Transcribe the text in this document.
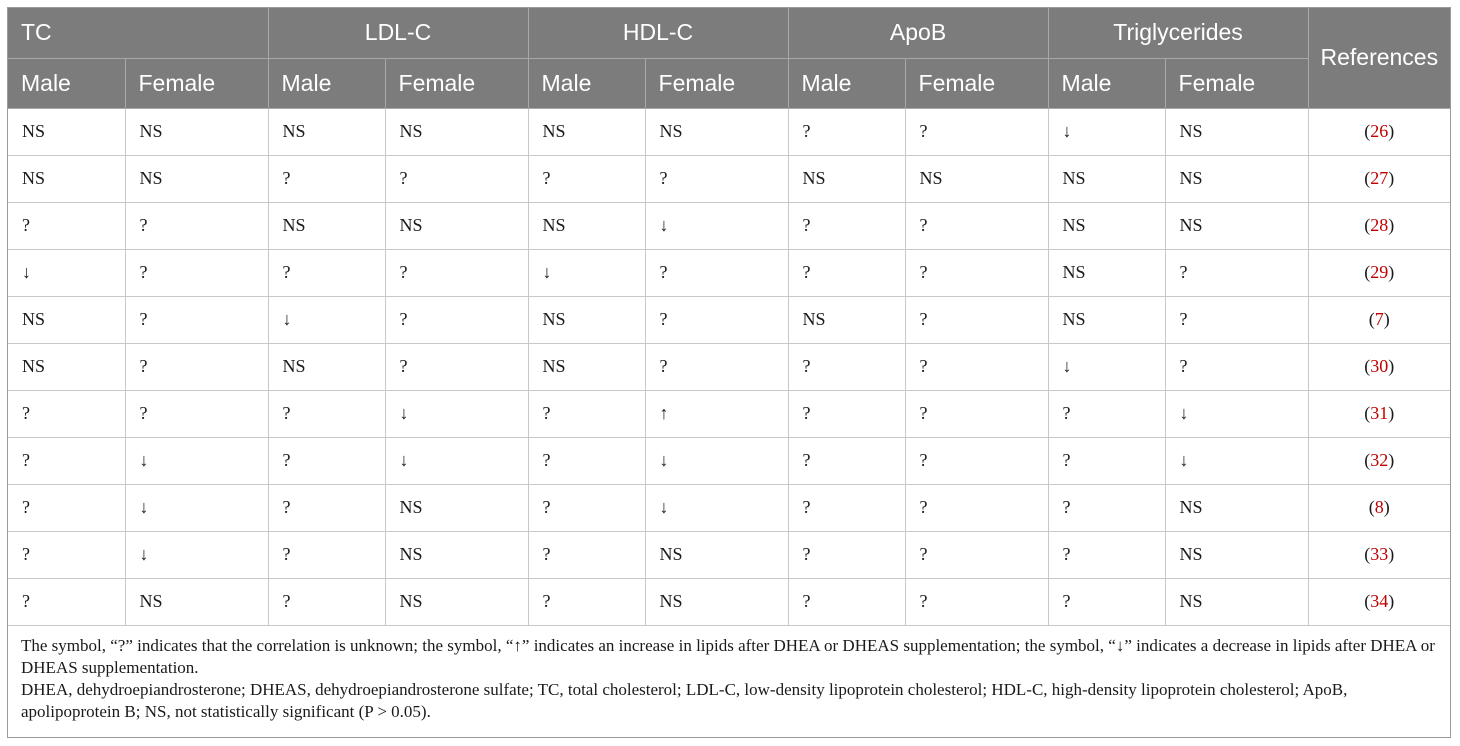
TC		LDL-C		HDL-C		ApoB		Triglycerides		References
Male	Female	Male	Female	Male	Female	Male	Female	Male	Female	
NS	NS	NS	NS	NS	NS	?	?	↓	NS	(26)
NS	NS	?	?	?	?	NS	NS	NS	NS	(27)
?	?	NS	NS	NS	↓	?	?	NS	NS	(28)
↓	?	?	?	↓	?	?	?	NS	?	(29)
NS	?	↓	?	NS	?	NS	?	NS	?	(7)
NS	?	NS	?	NS	?	?	?	↓	?	(30)
?	?	?	↓	?	↑	?	?	?	↓	(31)
?	↓	?	↓	?	↓	?	?	?	↓	(32)
?	↓	?	NS	?	↓	?	?	?	NS	(8)
?	↓	?	NS	?	NS	?	?	?	NS	(33)
?	NS	?	NS	?	NS	?	?	?	NS	(34)

The symbol, “?” indicates that the correlation is unknown; the symbol, “↑” indicates an increase in lipids after DHEA or DHEAS supplementation; the symbol, “↓” indicates a decrease in lipids after DHEA or DHEAS supplementation.

DHEA, dehydroepiandrosterone; DHEAS, dehydroepiandrosterone sulfate; TC, total cholesterol; LDL-C, low-density lipoprotein cholesterol; HDL-C, high-density lipoprotein cholesterol; ApoB, apolipoprotein B; NS, not statistically significant (P > 0.05).
